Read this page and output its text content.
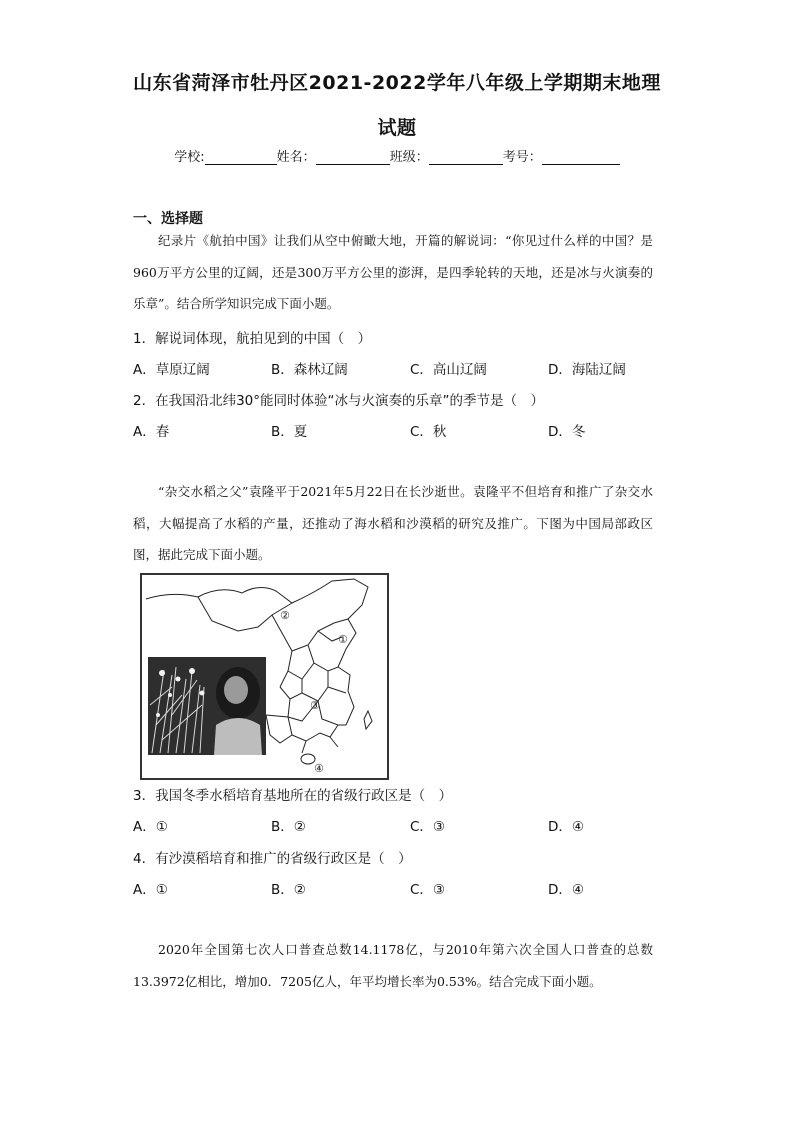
山东省菏泽市牡丹区2021-2022学年八年级上学期期末地理
试题
学校:	姓名：	班级：	考号：
一、选择题
纪录片《航拍中国》让我们从空中俯瞰大地，开篇的解说词：“你见过什么样的中国？是960万平方公里的辽阔，还是300万平方公里的澎湃，是四季轮转的天地，还是冰与火演奏的乐章”。结合所学知识完成下面小题。
1．解说词体现，航拍见到的中国（　）
A．草原辽阔	B．森林辽阔	C．高山辽阔	D．海陆辽阔
2．在我国沿北纬30°能同时体验“冰与火演奏的乐章”的季节是（　）
A．春	B．夏	C．秋	D．冬
“杂交水稻之父”袁隆平于2021年5月22日在长沙逝世。袁隆平不但培育和推广了杂交水稻，大幅提高了水稻的产量，还推动了海水稻和沙漠稻的研究及推广。下图为中国局部政区图，据此完成下面小题。
①
②
③
④
3．我国冬季水稻培育基地所在的省级行政区是（　）
A．①	B．②	C．③	D．④
4．有沙漠稻培育和推广的省级行政区是（　）
A．①	B．②	C．③	D．④
2020年全国第七次人口普查总数14.1178亿，与2010年第六次全国人口普查的总数13.3972亿相比，增加0．7205亿人，年平均增长率为0.53%。结合完成下面小题。
